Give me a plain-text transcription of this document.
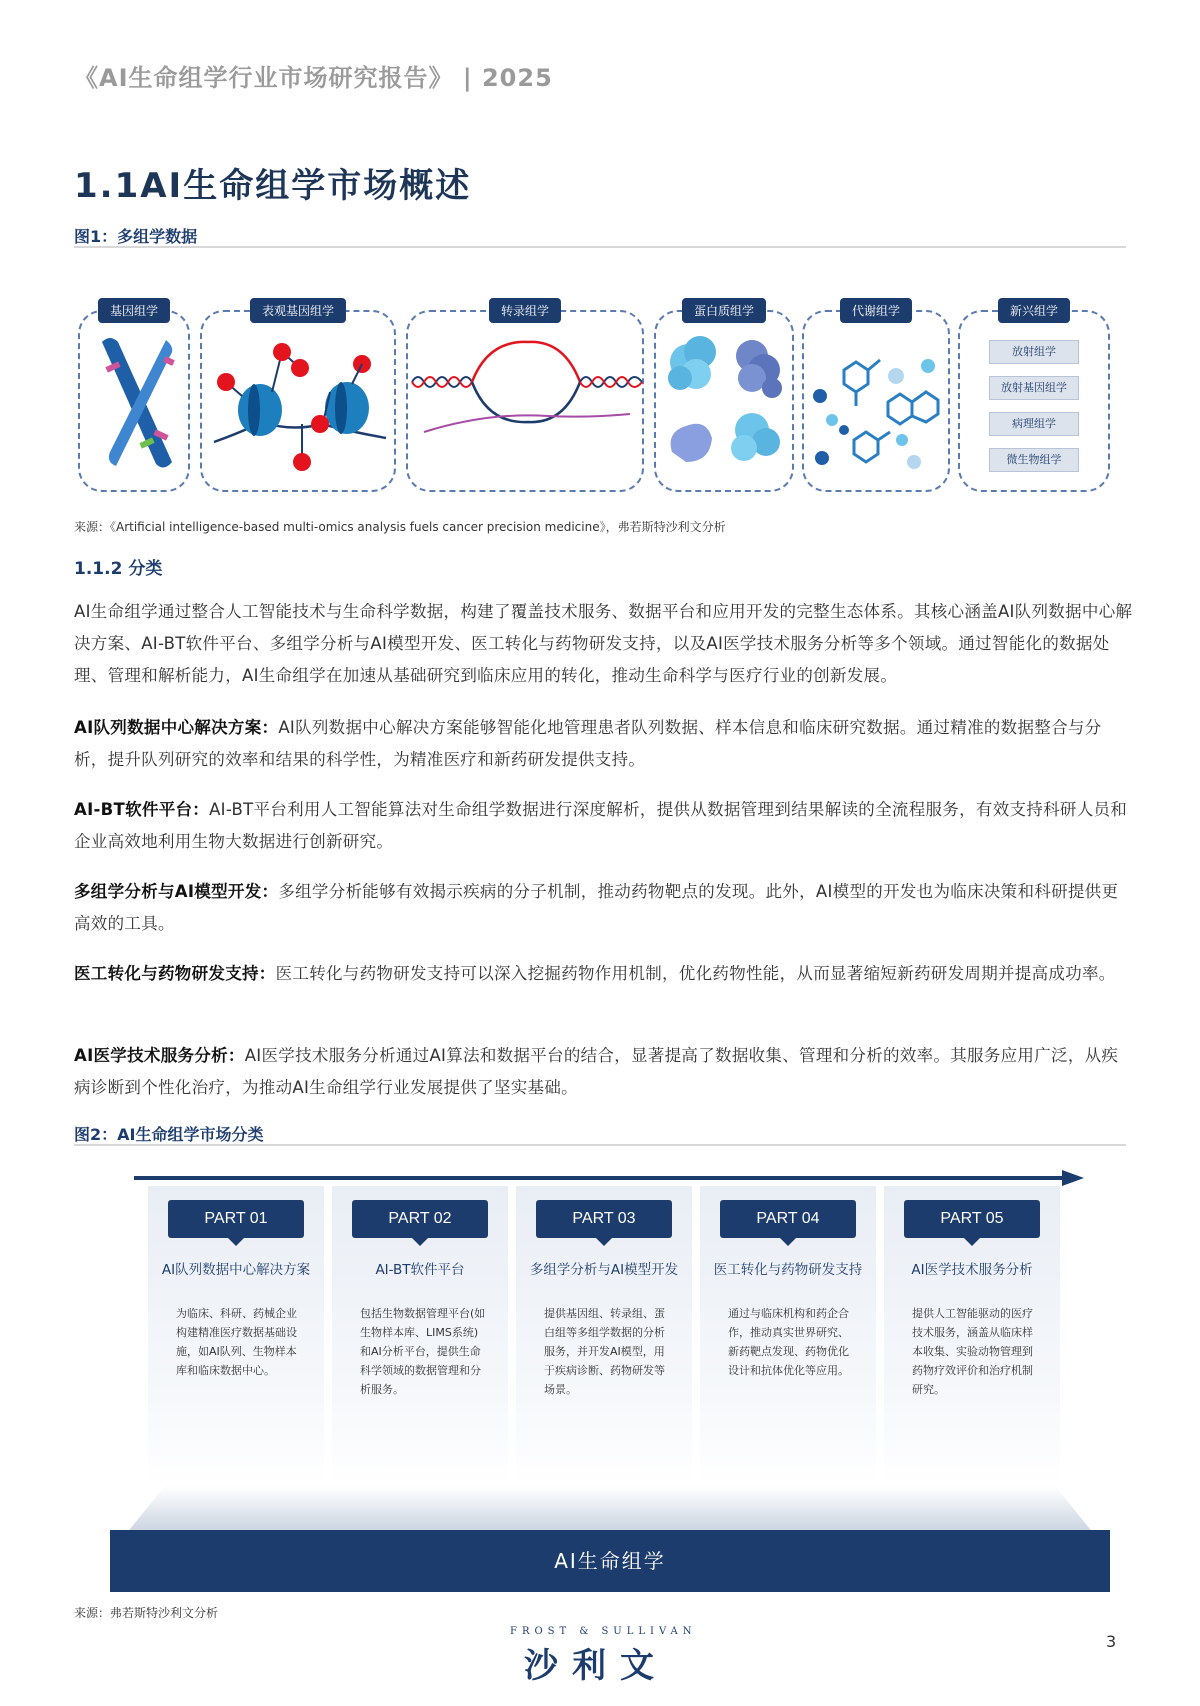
《AI生命组学行业市场研究报告》 | 2025
1.1AI生命组学市场概述
图1：多组学数据
基因组学	表观基因组学	转录组学	蛋白质组学	代谢组学	新兴组学
放射组学
放射基因组学
病理组学
微生物组学
来源：《Artificial intelligence-based multi-omics analysis fuels cancer precision medicine》，弗若斯特沙利文分析
1.1.2 分类
AI生命组学通过整合人工智能技术与生命科学数据，构建了覆盖技术服务、数据平台和应用开发的完整生态体系。其核心涵盖AI队列数据中心解决方案、AI-BT软件平台、多组学分析与AI模型开发、医工转化与药物研发支持，以及AI医学技术服务分析等多个领域。通过智能化的数据处理、管理和解析能力，AI生命组学在加速从基础研究到临床应用的转化，推动生命科学与医疗行业的创新发展。
AI队列数据中心解决方案：AI队列数据中心解决方案能够智能化地管理患者队列数据、样本信息和临床研究数据。通过精准的数据整合与分析，提升队列研究的效率和结果的科学性，为精准医疗和新药研发提供支持。
AI-BT软件平台：AI-BT平台利用人工智能算法对生命组学数据进行深度解析，提供从数据管理到结果解读的全流程服务，有效支持科研人员和企业高效地利用生物大数据进行创新研究。
多组学分析与AI模型开发：多组学分析能够有效揭示疾病的分子机制，推动药物靶点的发现。此外，AI模型的开发也为临床决策和科研提供更高效的工具。
医工转化与药物研发支持：医工转化与药物研发支持可以深入挖掘药物作用机制，优化药物性能，从而显著缩短新药研发周期并提高成功率。
AI医学技术服务分析：AI医学技术服务分析通过AI算法和数据平台的结合，显著提高了数据收集、管理和分析的效率。其服务应用广泛，从疾病诊断到个性化治疗，为推动AI生命组学行业发展提供了坚实基础。
图2：AI生命组学市场分类
PART 01
AI队列数据中心解决方案
为临床、科研、药械企业构建精准医疗数据基础设施，如AI队列、生物样本库和临床数据中心。
PART 02
AI-BT软件平台
包括生物数据管理平台(如生物样本库、LIMS系统)和AI分析平台，提供生命科学领域的数据管理和分析服务。
PART 03
多组学分析与AI模型开发
提供基因组、转录组、蛋白组等多组学数据的分析服务，并开发AI模型，用于疾病诊断、药物研发等场景。
PART 04
医工转化与药物研发支持
通过与临床机构和药企合作，推动真实世界研究、新药靶点发现、药物优化设计和抗体优化等应用。
PART 05
AI医学技术服务分析
提供人工智能驱动的医疗技术服务，涵盖从临床样本收集、实验动物管理到药物疗效评价和治疗机制研究。
AI生命组学
来源：弗若斯特沙利文分析
FROST & SULLIVAN
沙利文
3
